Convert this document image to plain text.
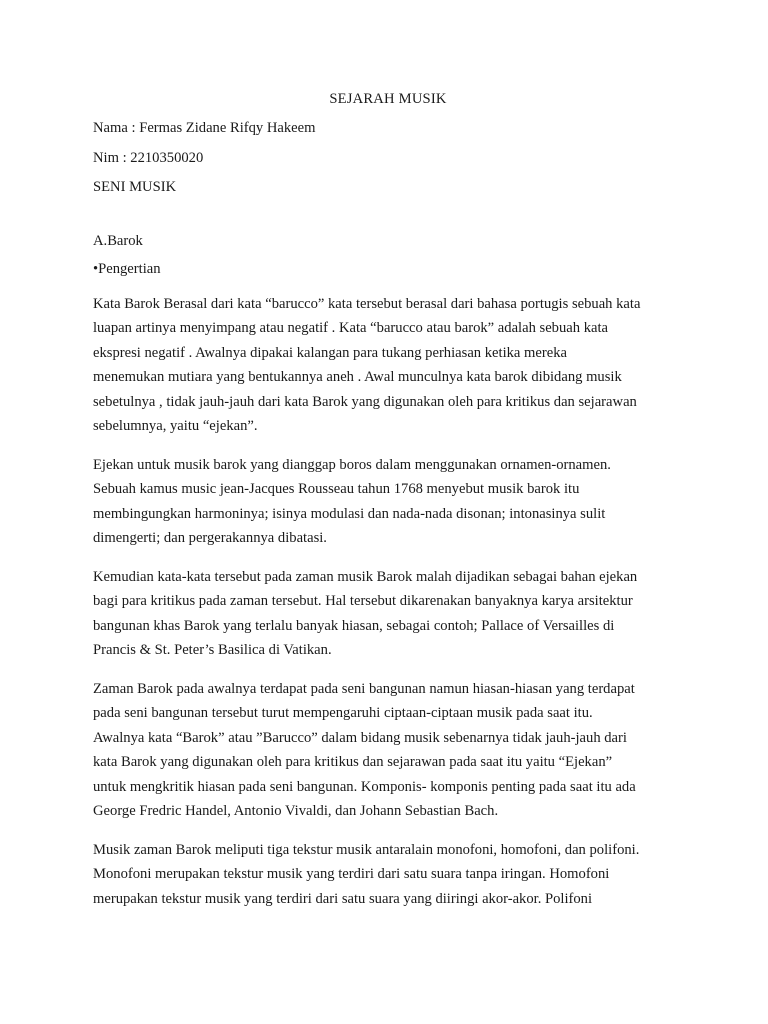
SEJARAH MUSIK

Nama : Fermas Zidane Rifqy Hakeem

Nim : 2210350020

SENI MUSIK

A.Barok

•Pengertian

Kata Barok Berasal dari kata “barucco” kata tersebut berasal dari bahasa portugis sebuah kata
luapan artinya menyimpang atau negatif . Kata “barucco atau barok” adalah sebuah kata
ekspresi negatif . Awalnya dipakai kalangan para tukang perhiasan ketika mereka
menemukan mutiara yang bentukannya aneh . Awal munculnya kata barok dibidang musik
sebetulnya , tidak jauh-jauh dari kata Barok yang digunakan oleh para kritikus dan sejarawan
sebelumnya, yaitu “ejekan”.
Ejekan untuk musik barok yang dianggap boros dalam menggunakan ornamen-ornamen.
Sebuah kamus music jean-Jacques Rousseau tahun 1768 menyebut musik barok itu
membingungkan harmoninya; isinya modulasi dan nada-nada disonan; intonasinya sulit
dimengerti; dan pergerakannya dibatasi.
Kemudian kata-kata tersebut pada zaman musik Barok malah dijadikan sebagai bahan ejekan
bagi para kritikus pada zaman tersebut. Hal tersebut dikarenakan banyaknya karya arsitektur
bangunan khas Barok yang terlalu banyak hiasan, sebagai contoh; Pallace of Versailles di
Prancis & St. Peter’s Basilica di Vatikan.
Zaman Barok pada awalnya terdapat pada seni bangunan namun hiasan-hiasan yang terdapat
pada seni bangunan tersebut turut mempengaruhi ciptaan-ciptaan musik pada saat itu.
Awalnya kata “Barok” atau ”Barucco” dalam bidang musik sebenarnya tidak jauh-jauh dari
kata Barok yang digunakan oleh para kritikus dan sejarawan pada saat itu yaitu “Ejekan”
untuk mengkritik hiasan pada seni bangunan. Komponis- komponis penting pada saat itu ada
George Fredric Handel, Antonio Vivaldi, dan Johann Sebastian Bach.
Musik zaman Barok meliputi tiga tekstur musik antaralain monofoni, homofoni, dan polifoni.
Monofoni merupakan tekstur musik yang terdiri dari satu suara tanpa iringan. Homofoni
merupakan tekstur musik yang terdiri dari satu suara yang diiringi akor-akor. Polifoni
